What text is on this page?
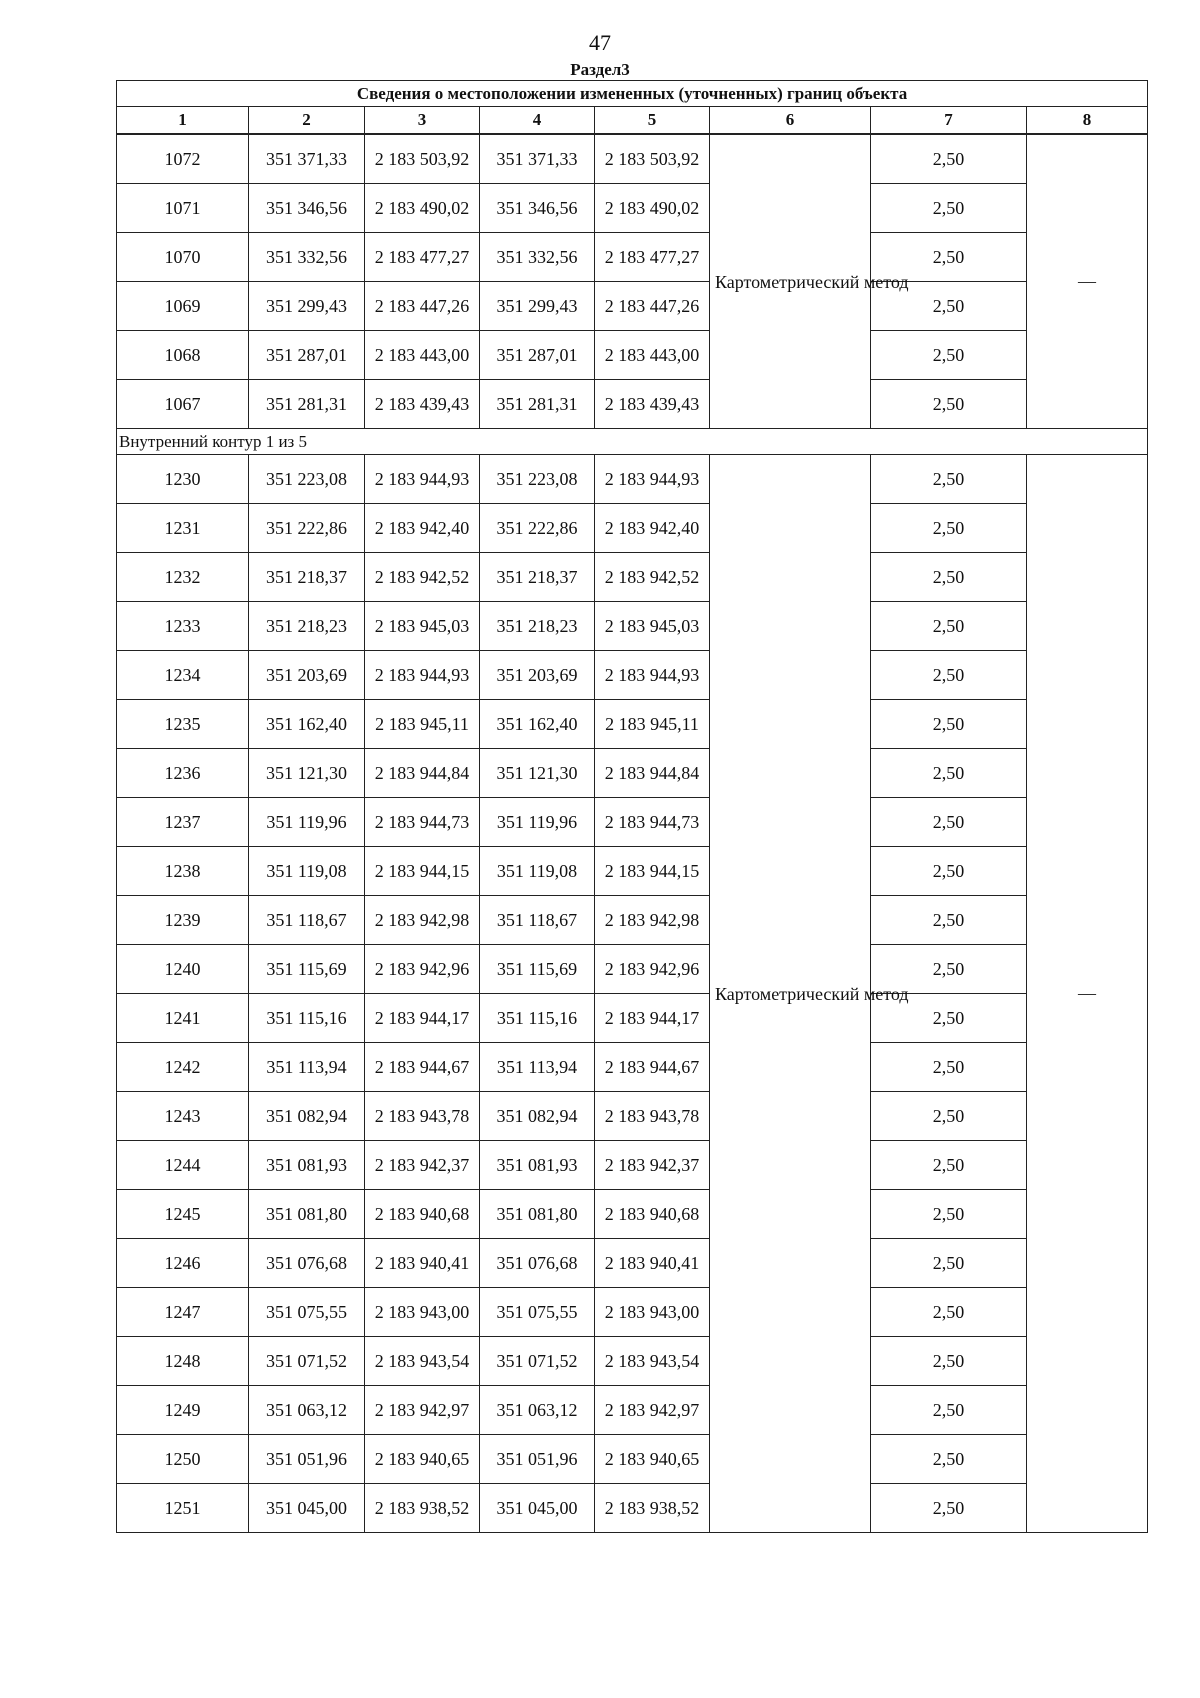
47
Раздел3
Сведения о местоположении измененных (уточненных) границ объекта							
1	2	3	4	5	6	7	8
1072	351 371,33	2 183 503,92	351 371,33	2 183 503,92	Картометрический метод	2,50	—
1071	351 346,56	2 183 490,02	351 346,56	2 183 490,02		2,50	
1070	351 332,56	2 183 477,27	351 332,56	2 183 477,27		2,50	
1069	351 299,43	2 183 447,26	351 299,43	2 183 447,26		2,50	
1068	351 287,01	2 183 443,00	351 287,01	2 183 443,00		2,50	
1067	351 281,31	2 183 439,43	351 281,31	2 183 439,43		2,50	
Внутренний контур 1 из 5							
1230	351 223,08	2 183 944,93	351 223,08	2 183 944,93	Картометрический метод	2,50	—
1231	351 222,86	2 183 942,40	351 222,86	2 183 942,40		2,50	
1232	351 218,37	2 183 942,52	351 218,37	2 183 942,52		2,50	
1233	351 218,23	2 183 945,03	351 218,23	2 183 945,03		2,50	
1234	351 203,69	2 183 944,93	351 203,69	2 183 944,93		2,50	
1235	351 162,40	2 183 945,11	351 162,40	2 183 945,11		2,50	
1236	351 121,30	2 183 944,84	351 121,30	2 183 944,84		2,50	
1237	351 119,96	2 183 944,73	351 119,96	2 183 944,73		2,50	
1238	351 119,08	2 183 944,15	351 119,08	2 183 944,15		2,50	
1239	351 118,67	2 183 942,98	351 118,67	2 183 942,98		2,50	
1240	351 115,69	2 183 942,96	351 115,69	2 183 942,96		2,50	
1241	351 115,16	2 183 944,17	351 115,16	2 183 944,17		2,50	
1242	351 113,94	2 183 944,67	351 113,94	2 183 944,67		2,50	
1243	351 082,94	2 183 943,78	351 082,94	2 183 943,78		2,50	
1244	351 081,93	2 183 942,37	351 081,93	2 183 942,37		2,50	
1245	351 081,80	2 183 940,68	351 081,80	2 183 940,68		2,50	
1246	351 076,68	2 183 940,41	351 076,68	2 183 940,41		2,50	
1247	351 075,55	2 183 943,00	351 075,55	2 183 943,00		2,50	
1248	351 071,52	2 183 943,54	351 071,52	2 183 943,54		2,50	
1249	351 063,12	2 183 942,97	351 063,12	2 183 942,97		2,50	
1250	351 051,96	2 183 940,65	351 051,96	2 183 940,65		2,50	
1251	351 045,00	2 183 938,52	351 045,00	2 183 938,52		2,50	
